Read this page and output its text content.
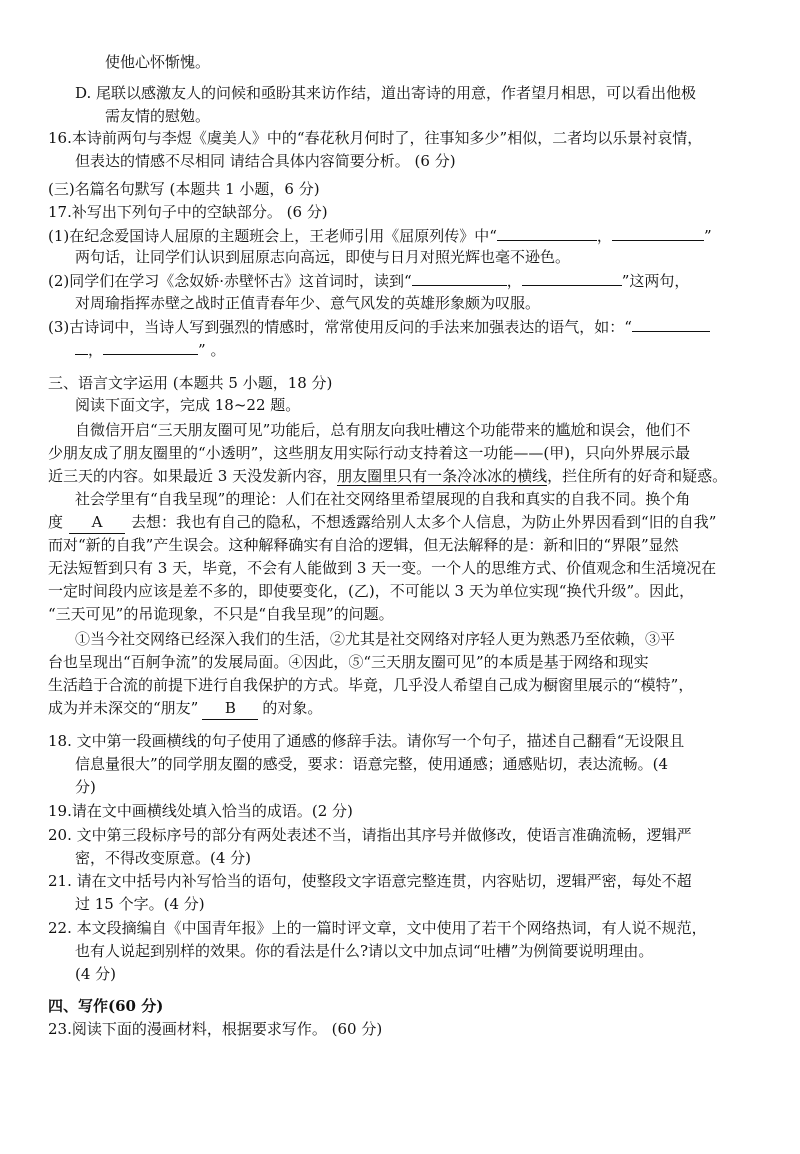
使他心怀惭愧。
D. 尾联以感激友人的问候和亟盼其来访作结，道出寄诗的用意，作者望月相思，可以看出他极
需友情的慰勉。
16.本诗前两句与李煜《虞美人》中的“春花秋月何时了，往事知多少”相似，二者均以乐景衬哀情，
但表达的情感不尽相同 请结合具体内容简要分析。 (6 分)
(三)名篇名句默写 (本题共 1 小题，6 分)
17.补写出下列句子中的空缺部分。 (6 分)
(1)在纪念爱国诗人屈原的主题班会上，王老师引用《屈原列传》中“	，	”
两句话，让同学们认识到屈原志向高远，即使与日月对照光辉也毫不逊色。
(2)同学们在学习《念奴娇·赤壁怀古》这首词时，读到“	，	”这两句，
对周瑜指挥赤壁之战时正值青春年少、意气风发的英雄形象颇为叹服。
(3)古诗词中，当诗人写到强烈的情感时，常常使用反问的手法来加强表达的语气，如：“
，	” 。
三、语言文字运用 (本题共 5 小题，18 分)
阅读下面文字，完成 18~22 题。
自微信开启“三天朋友圈可见”功能后，总有朋友向我吐槽这个功能带来的尴尬和误会，他们不
少朋友成了朋友圈里的“小透明”，这些朋友用实际行动支持着这一功能——(甲)，只向外界展示最
近三天的内容。如果最近 3 天没发新内容，朋友圈里只有一条冷冰冰的横线，拦住所有的好奇和疑惑。
社会学里有“自我呈现”的理论：人们在社交网络里希望展现的自我和真实的自我不同。换个角
度 A 去想：我也有自己的隐私，不想透露给别人太多个人信息，为防止外界因看到“旧的自我”
而对“新的自我”产生误会。这种解释确实有自洽的逻辑，但无法解释的是：新和旧的“界限”显然
无法短暂到只有 3 天，毕竟，不会有人能做到 3 天一变。一个人的思维方式、价值观念和生活境况在
一定时间段内应该是差不多的，即使要变化，(乙)，不可能以 3 天为单位实现“换代升级”。因此，
“三天可见”的吊诡现象，不只是“自我呈现”的问题。
①当今社交网络已经深入我们的生活，②尤其是社交网络对序轻人更为熟悉乃至依赖，③平
台也呈现出“百舸争流”的发展局面。④因此，⑤“三天朋友圈可见”的本质是基于网络和现实
生活趋于合流的前提下进行自我保护的方式。毕竟，几乎没人希望自己成为橱窗里展示的“模特”，
成为并未深交的“朋友” B 的对象。
18. 文中第一段画横线的句子使用了通感的修辞手法。请你写一个句子，描述自己翻看“无设限且
信息量很大”的同学朋友圈的感受，要求：语意完整，使用通感；通感贴切，表达流畅。(4
分)
19.请在文中画横线处填入恰当的成语。(2 分)
20. 文中第三段标序号的部分有两处表述不当，请指出其序号并做修改，使语言准确流畅，逻辑严
密，不得改变原意。(4 分)
21. 请在文中括号内补写恰当的语句，使整段文字语意完整连贯，内容贴切，逻辑严密，每处不超
过 15 个字。(4 分)
22. 本文段摘编自《中国青年报》上的一篇时评文章，文中使用了若干个网络热词，有人说不规范，
也有人说起到别样的效果。你的看法是什么?请以文中加点词“吐槽”为例简要说明理由。
(4 分)
四、写作(60 分)
23.阅读下面的漫画材料，根据要求写作。 (60 分)
